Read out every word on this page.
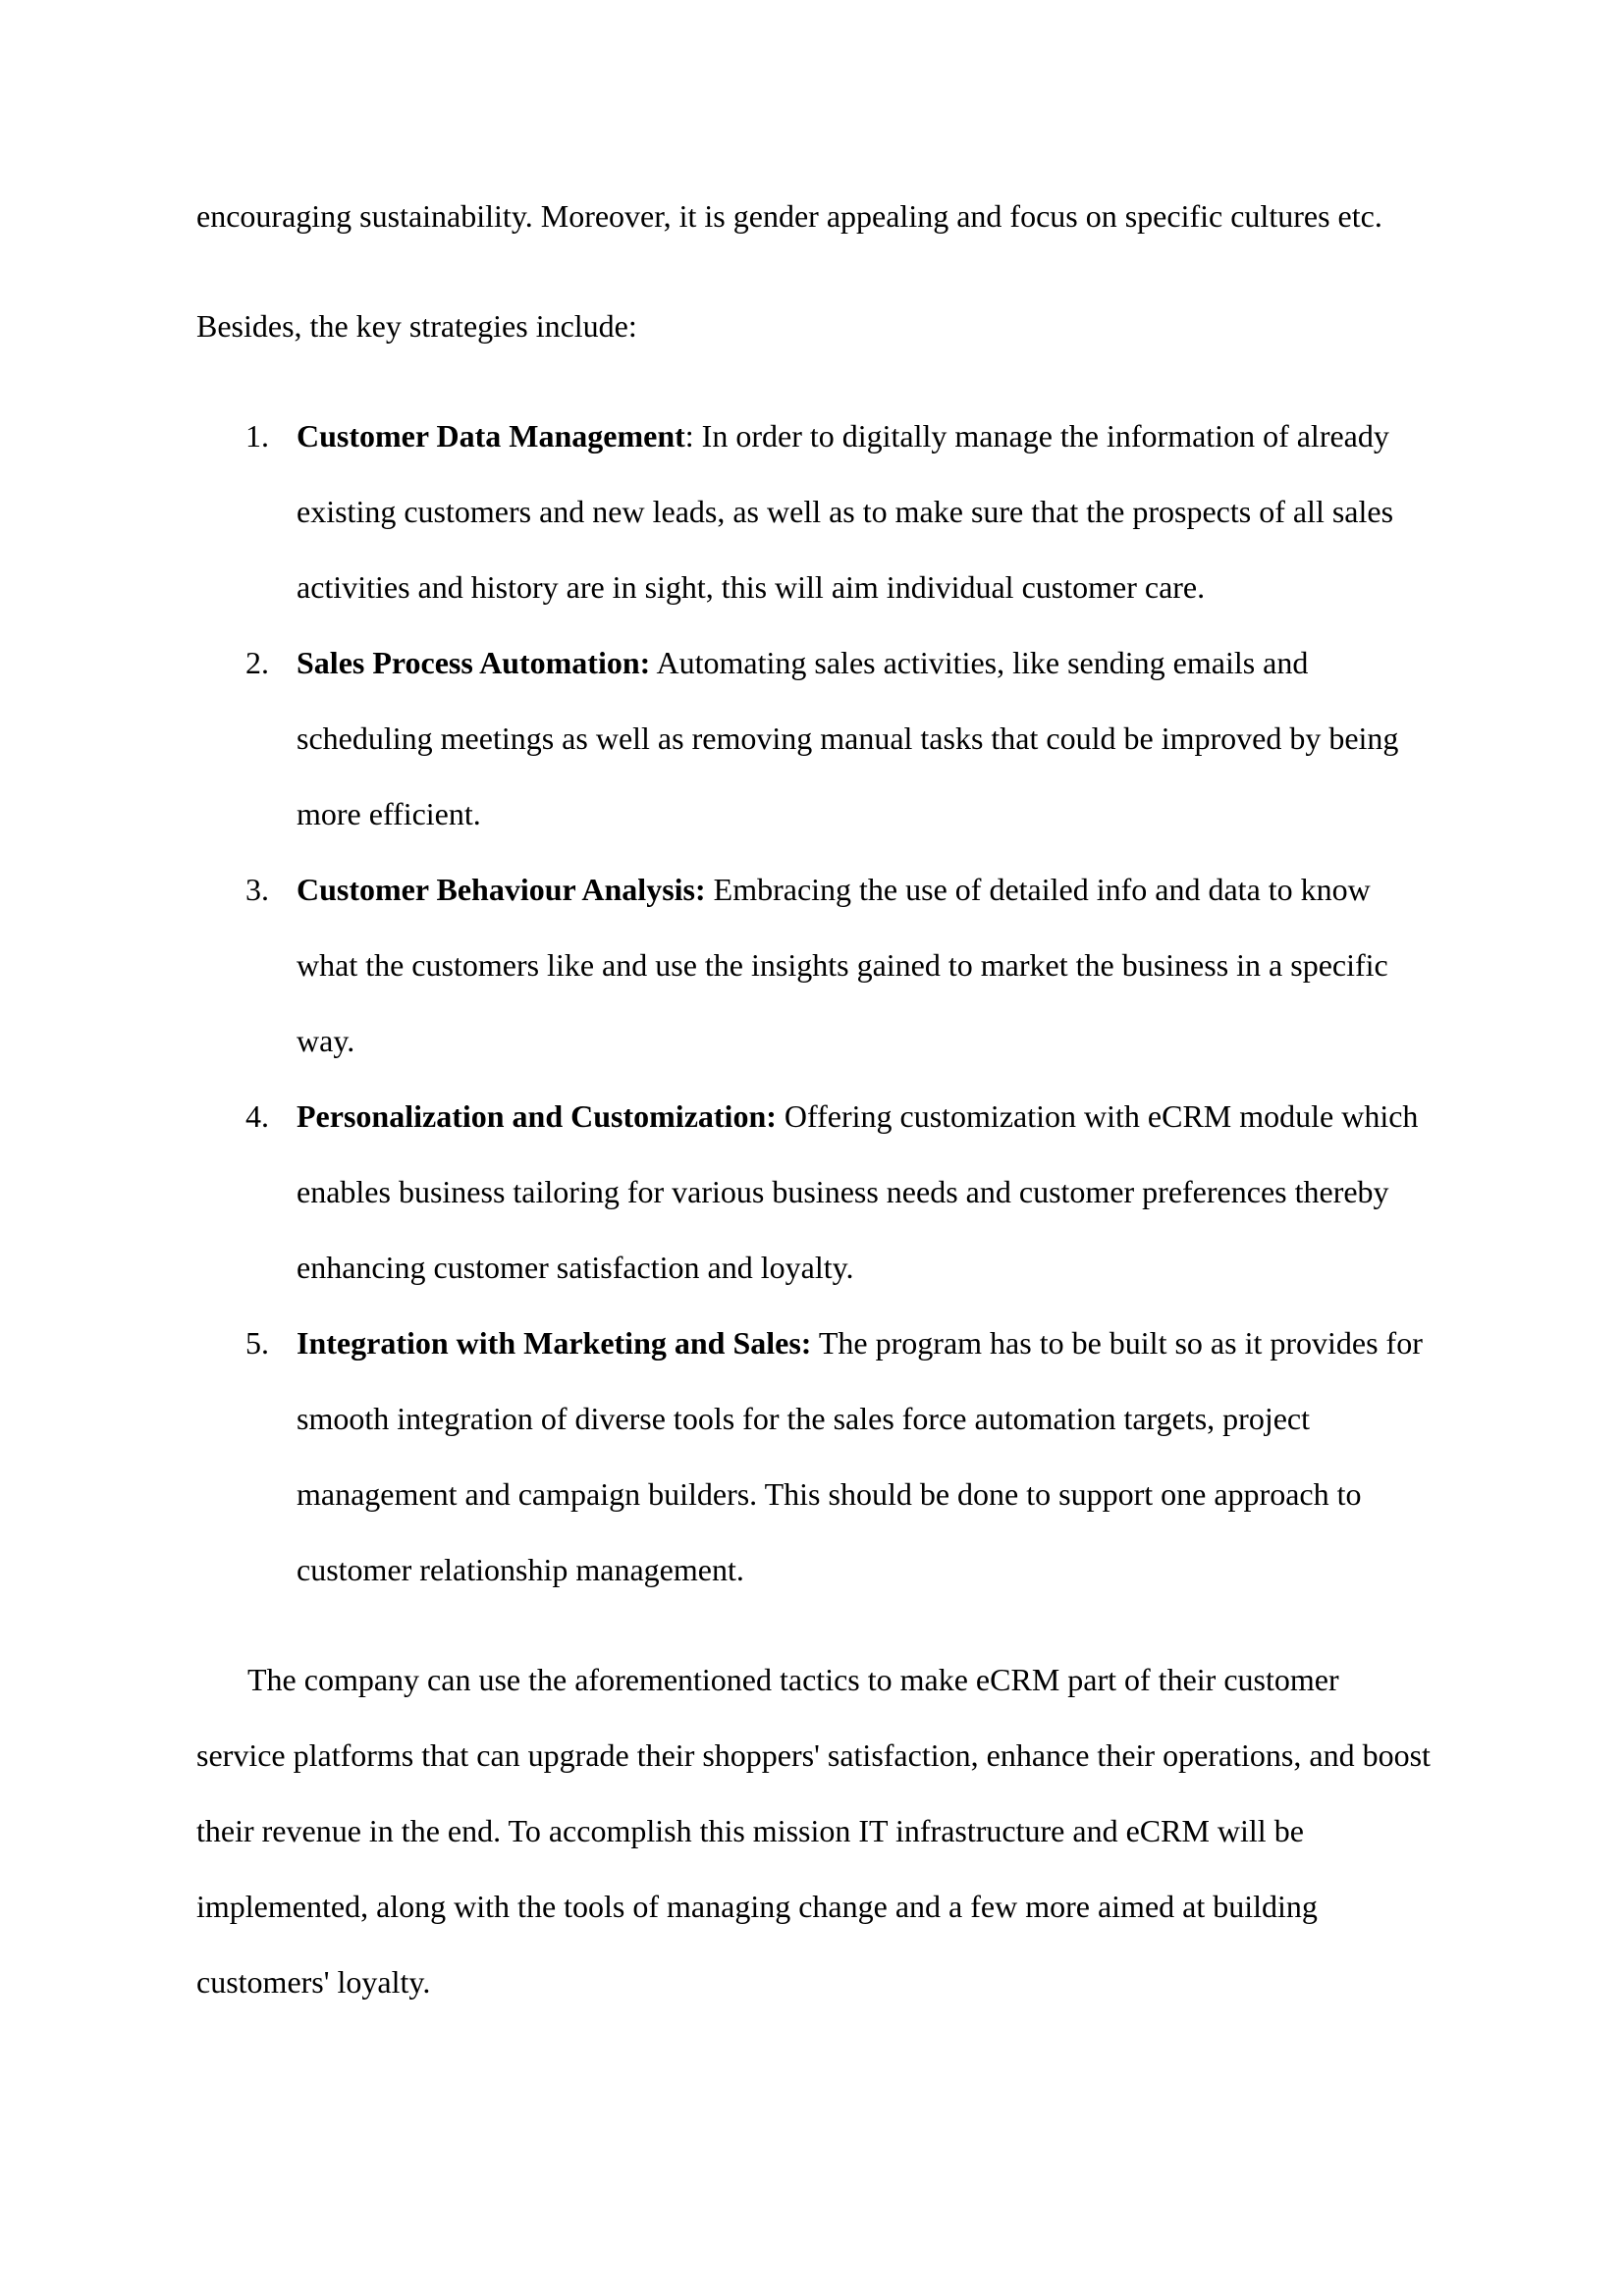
encouraging sustainability. Moreover, it is gender appealing and focus on specific cultures etc.

Besides, the key strategies include:

1. Customer Data Management: In order to digitally manage the information of already existing customers and new leads, as well as to make sure that the prospects of all sales activities and history are in sight, this will aim individual customer care.
2. Sales Process Automation: Automating sales activities, like sending emails and scheduling meetings as well as removing manual tasks that could be improved by being more efficient.
3. Customer Behaviour Analysis: Embracing the use of detailed info and data to know what the customers like and use the insights gained to market the business in a specific way.
4. Personalization and Customization: Offering customization with eCRM module which enables business tailoring for various business needs and customer preferences thereby enhancing customer satisfaction and loyalty.
5. Integration with Marketing and Sales: The program has to be built so as it provides for smooth integration of diverse tools for the sales force automation targets, project management and campaign builders. This should be done to support one approach to customer relationship management.

The company can use the aforementioned tactics to make eCRM part of their customer service platforms that can upgrade their shoppers' satisfaction, enhance their operations, and boost their revenue in the end. To accomplish this mission IT infrastructure and eCRM will be implemented, along with the tools of managing change and a few more aimed at building customers' loyalty.
